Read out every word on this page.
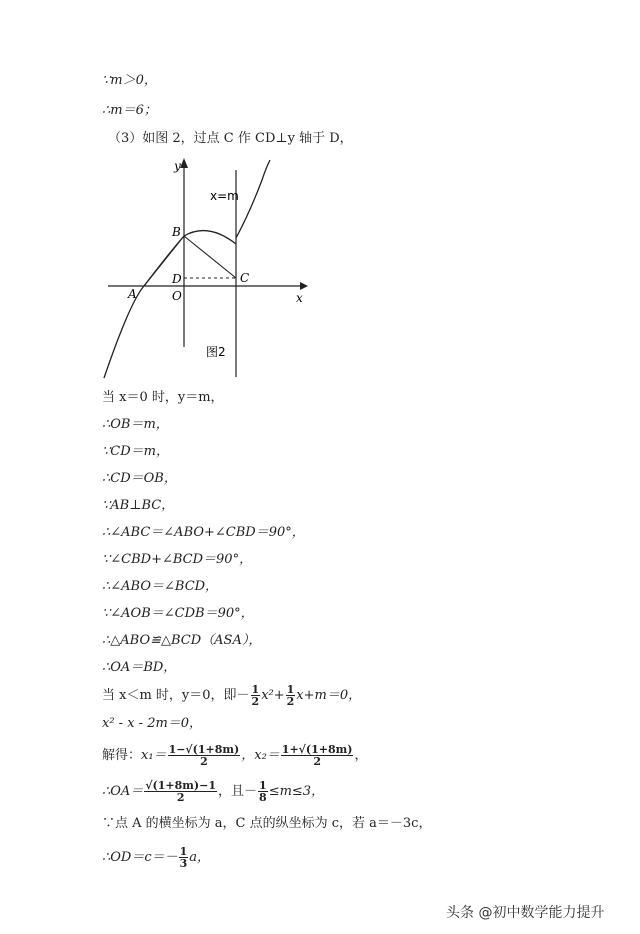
∵m＞0，
∴m＝6；
（3）如图 2，过点 C 作 CD⊥y 轴于 D，
y
x
x=m
B
D	C
A	O
图2
当 x＝0 时，y＝m，
∴OB＝m，
∵CD＝m，
∴CD＝OB，
∵AB⊥BC，
∴∠ABC＝∠ABO+∠CBD＝90°，
∵∠CBD+∠BCD＝90°，
∴∠ABO＝∠BCD，
∵∠AOB＝∠CDB＝90°，
∴△ABO≌△BCD（ASA），
∴OA＝BD，
当 x＜m 时，y＝0，即－ $\frac{1}{2} x^2+ \frac{1}{2} x+m=0$，
x² - x - 2m＝0，
解得：$x_1= \frac{1-√(1+8m)}{2}$ ，$x_2= \frac{1+√(1+8m)}{2}$ ，
∴OA＝ $\frac{√(1+8m)-1}{2}$ ，且－ $\frac{1}{8} \le m\le 3$，
∵点 A 的横坐标为 a，C 点的纵坐标为 c，若 a＝－3c，
∴OD＝c＝－ $\frac{1}{3}$ a，
头条 @初中数学能力提升
